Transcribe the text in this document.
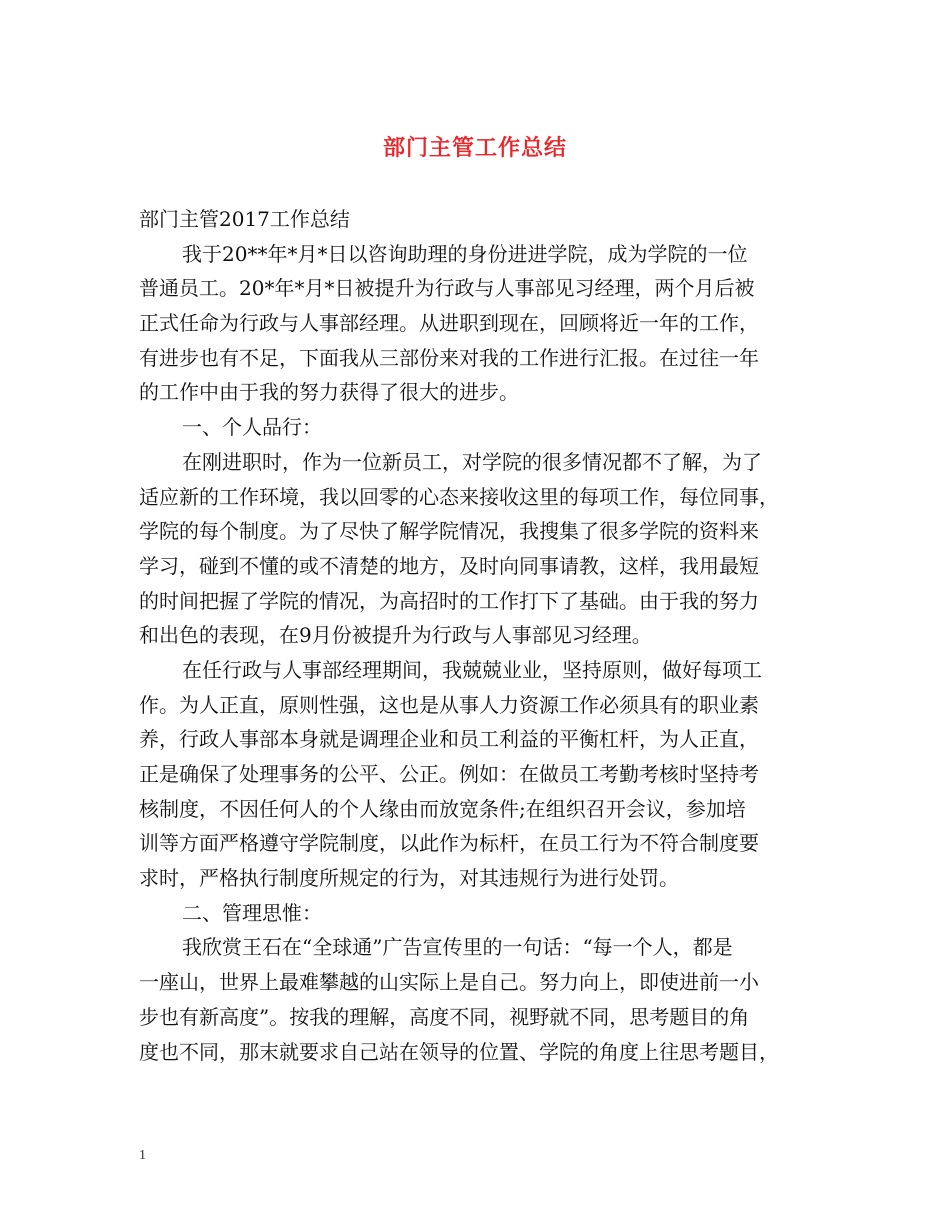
部门主管工作总结
部门主管2017工作总结
我于20**年*月*日以咨询助理的身份进进学院，成为学院的一位
普通员工。20*年*月*日被提升为行政与人事部见习经理，两个月后被
正式任命为行政与人事部经理。从进职到现在，回顾将近一年的工作，
有进步也有不足，下面我从三部份来对我的工作进行汇报。在过往一年
的工作中由于我的努力获得了很大的进步。
一、个人品行：
在刚进职时，作为一位新员工，对学院的很多情况都不了解，为了
适应新的工作环境，我以回零的心态来接收这里的每项工作，每位同事，
学院的每个制度。为了尽快了解学院情况，我搜集了很多学院的资料来
学习，碰到不懂的或不清楚的地方，及时向同事请教，这样，我用最短
的时间把握了学院的情况，为高招时的工作打下了基础。由于我的努力
和出色的表现，在9月份被提升为行政与人事部见习经理。
在任行政与人事部经理期间，我兢兢业业，坚持原则，做好每项工
作。为人正直，原则性强，这也是从事人力资源工作必须具有的职业素
养，行政人事部本身就是调理企业和员工利益的平衡杠杆，为人正直，
正是确保了处理事务的公平、公正。例如：在做员工考勤考核时坚持考
核制度，不因任何人的个人缘由而放宽条件;在组织召开会议，参加培
训等方面严格遵守学院制度，以此作为标杆，在员工行为不符合制度要
求时，严格执行制度所规定的行为，对其违规行为进行处罚。
二、管理思惟：
我欣赏王石在“全球通”广告宣传里的一句话：“每一个人，都是
一座山，世界上最难攀越的山实际上是自己。努力向上，即使进前一小
步也有新高度”。按我的理解，高度不同，视野就不同，思考题目的角
度也不同，那末就要求自己站在领导的位置、学院的角度上往思考题目，
1
